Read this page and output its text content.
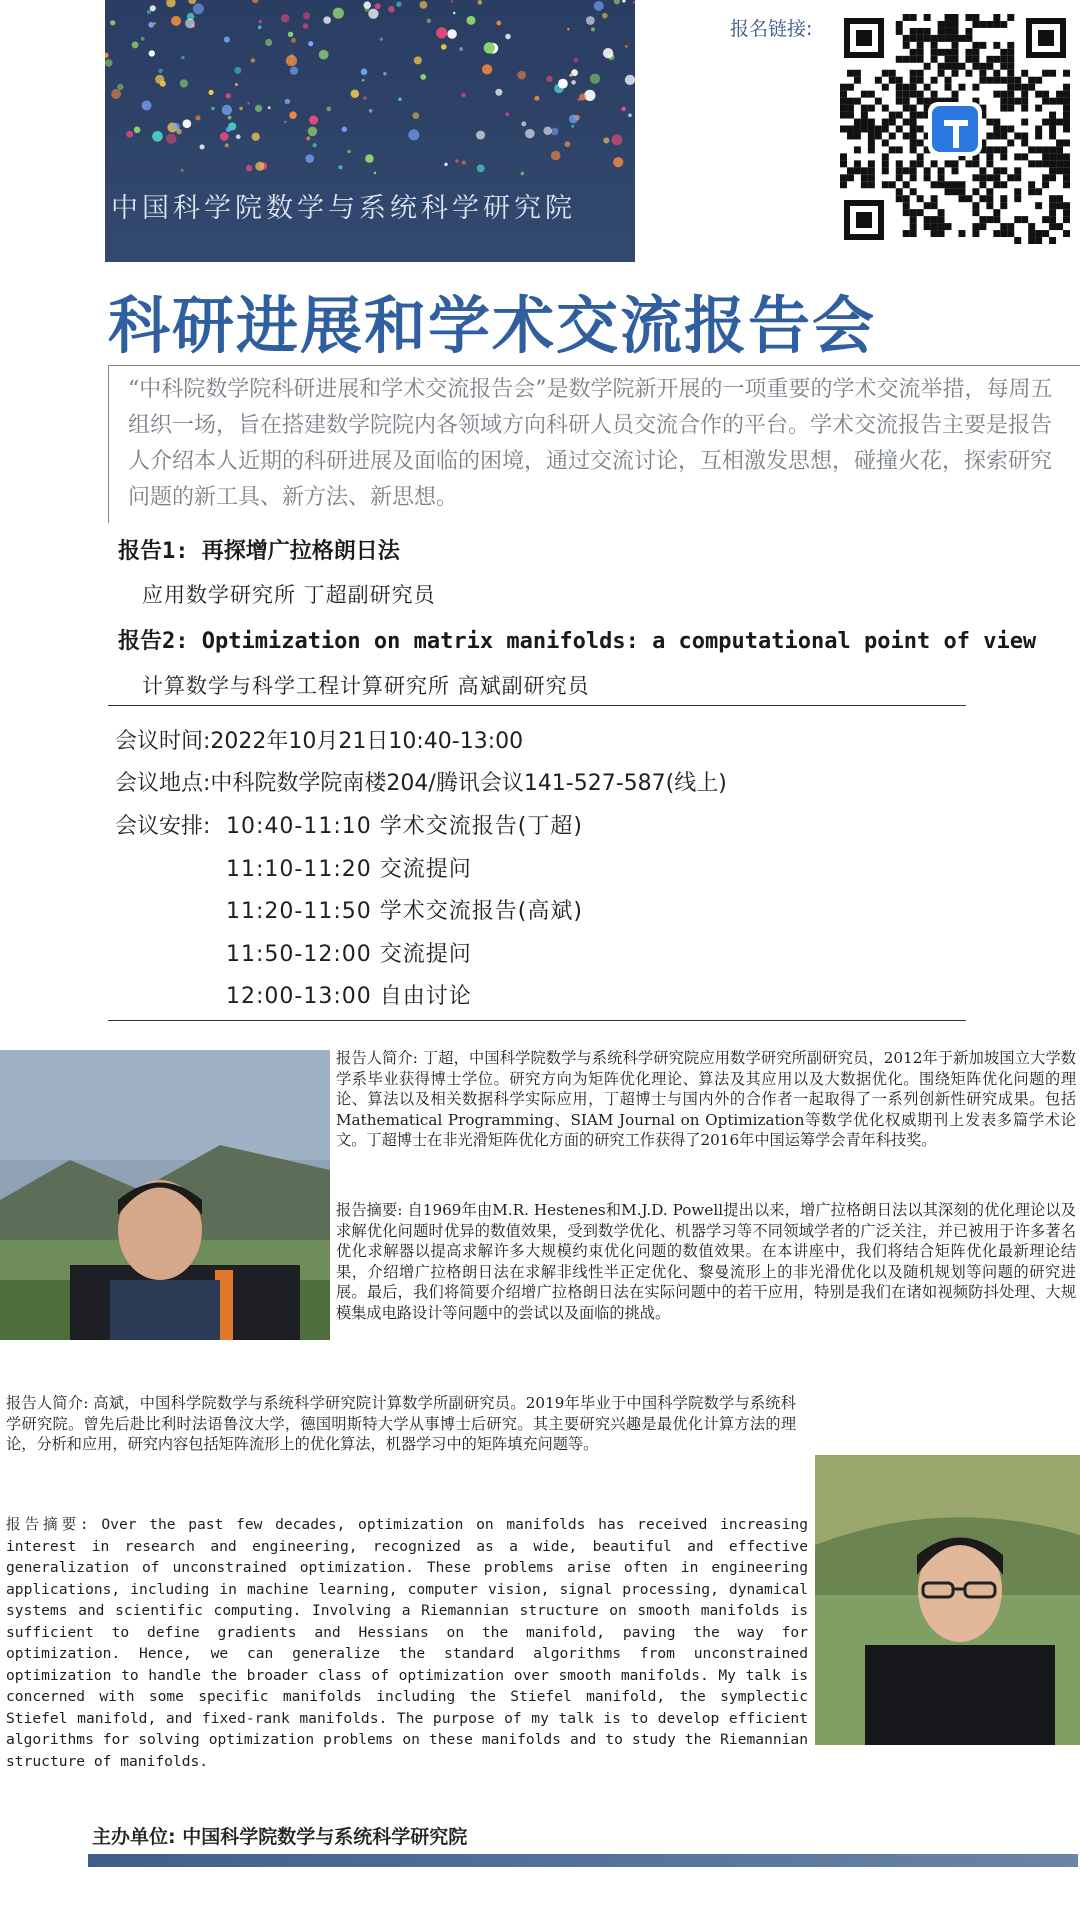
中国科学院数学与系统科学研究院
报名链接:
科研进展和学术交流报告会
“中科院数学院科研进展和学术交流报告会”是数学院新开展的一项重要的学术交流举措，每周五组织一场，旨在搭建数学院院内各领域方向科研人员交流合作的平台。学术交流报告主要是报告人介绍本人近期的科研进展及面临的困境，通过交流讨论，互相激发思想，碰撞火花，探索研究问题的新工具、新方法、新思想。
报告1: 再探增广拉格朗日法
应用数学研究所 丁超副研究员
报告2: Optimization on matrix manifolds: a computational point of view
计算数学与科学工程计算研究所 高斌副研究员
会议时间:2022年10月21日10:40-13:00
会议地点:中科院数学院南楼204/腾讯会议141-527-587(线上)
会议安排: 10:40-11:10 学术交流报告(丁超)
11:10-11:20 交流提问
11:20-11:50 学术交流报告(高斌)
11:50-12:00 交流提问
12:00-13:00 自由讨论
报告人简介: 丁超，中国科学院数学与系统科学研究院应用数学研究所副研究员，2012年于新加坡国立大学数学系毕业获得博士学位。研究方向为矩阵优化理论、算法及其应用以及大数据优化。围绕矩阵优化问题的理论、算法以及相关数据科学实际应用，丁超博士与国内外的合作者一起取得了一系列创新性研究成果。包括Mathematical Programming、SIAM Journal on Optimization等数学优化权威期刊上发表多篇学术论文。丁超博士在非光滑矩阵优化方面的研究工作获得了2016年中国运筹学会青年科技奖。
报告摘要: 自1969年由M.R. Hestenes和M.J.D. Powell提出以来，增广拉格朗日法以其深刻的优化理论以及求解优化问题时优异的数值效果，受到数学优化、机器学习等不同领域学者的广泛关注，并已被用于许多著名优化求解器以提高求解许多大规模约束优化问题的数值效果。在本讲座中，我们将结合矩阵优化最新理论结果，介绍增广拉格朗日法在求解非线性半正定优化、黎曼流形上的非光滑优化以及随机规划等问题的研究进展。最后，我们将简要介绍增广拉格朗日法在实际问题中的若干应用，特别是我们在诸如视频防抖处理、大规模集成电路设计等问题中的尝试以及面临的挑战。
报告人简介: 高斌，中国科学院数学与系统科学研究院计算数学所副研究员。2019年毕业于中国科学院数学与系统科学研究院。曾先后赴比利时法语鲁汶大学，德国明斯特大学从事博士后研究。其主要研究兴趣是最优化计算方法的理论，分析和应用，研究内容包括矩阵流形上的优化算法，机器学习中的矩阵填充问题等。
报告摘要: Over the past few decades, optimization on manifolds has received increasing interest in research and engineering, recognized as a wide, beautiful and effective generalization of unconstrained optimization. These problems arise often in engineering applications, including in machine learning, computer vision, signal processing, dynamical systems and scientific computing. Involving a Riemannian structure on smooth manifolds is sufficient to define gradients and Hessians on the manifold, paving the way for optimization. Hence, we can generalize the standard algorithms from unconstrained optimization to handle the broader class of optimization over smooth manifolds. My talk is concerned with some specific manifolds including the Stiefel manifold, the symplectic Stiefel manifold, and fixed-rank manifolds. The purpose of my talk is to develop efficient algorithms for solving optimization problems on these manifolds and to study the Riemannian structure of manifolds.
主办单位: 中国科学院数学与系统科学研究院
